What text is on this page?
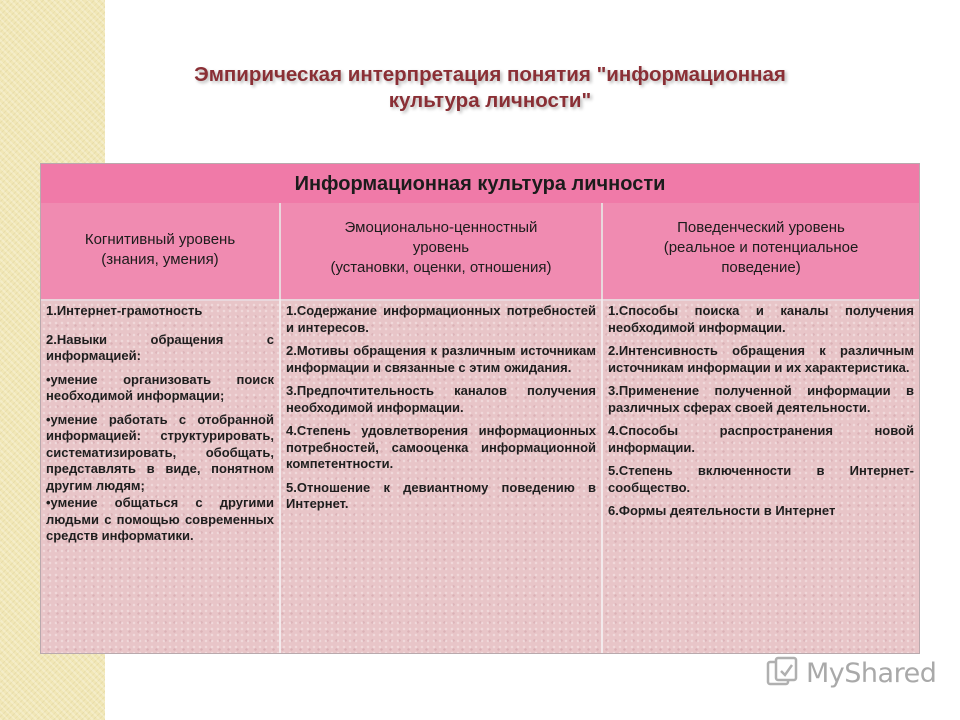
Эмпирическая интерпретация понятия "информационная
культура личности"
Информационная культура личности
Когнитивный уровень
(знания, умения)
Эмоционально-ценностный
уровень
(установки, оценки, отношения)
Поведенческий уровень
(реальное и потенциальное
поведение)

1.Интернет-грамотность

2.Навыки обращения с информацией:

•умение организовать поиск необходимой информации;

•умение работать с отобранной информацией: структурировать, систематизировать, обобщать, представлять в виде, понятном другим людям;

•умение общаться с другими людьми с помощью современных средств информатики.

1.Содержание информационных потребностей и интересов.

2.Мотивы обращения к различным источникам информации и связанные с этим ожидания.

3.Предпочтительность каналов получения необходимой информации.

4.Степень удовлетворения информационных потребностей, самооценка информационной компетентности.

5.Отношение к девиантному поведению в Интернет.

1.Способы поиска и каналы получения необходимой информации.

2.Интенсивность обращения к различным источникам информации и их характеристика.

3.Применение полученной информации в различных сферах своей деятельности.

4.Способы распространения новой информации.

5.Степень включенности в Интернет-сообщество.

6.Формы деятельности в Интернет

MyShared
